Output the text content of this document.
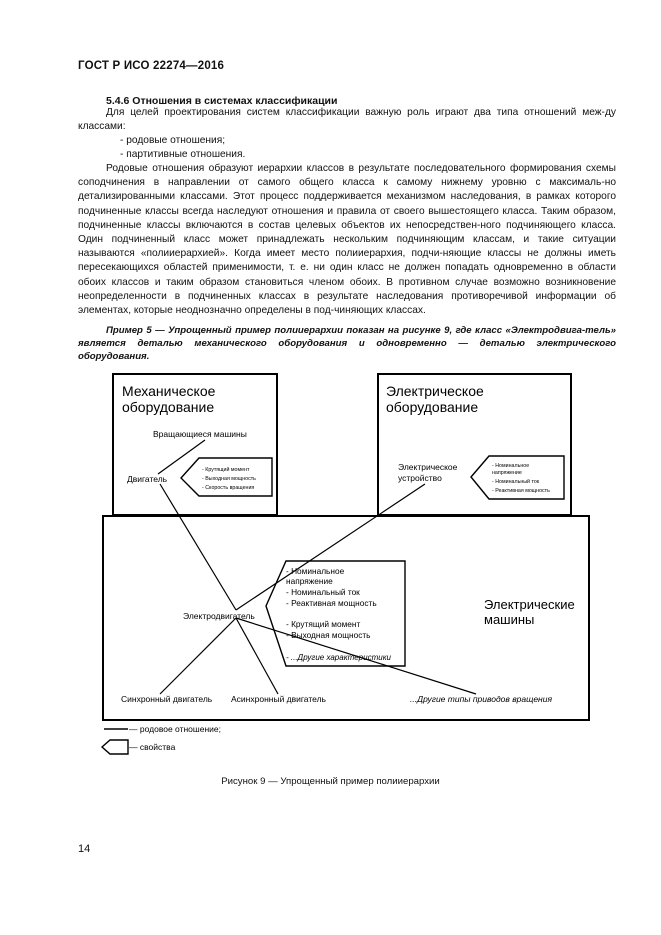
ГОСТ Р ИСО 22274—2016
5.4.6 Отношения в системах классификации

Для целей проектирования систем классификации важную роль играют два типа отношений меж-ду классами:

- родовые отношения;
- партитивные отношения.

Родовые отношения образуют иерархии классов в результате последовательного формирования схемы соподчинения в направлении от самого общего класса к самому нижнему уровню с максималь-но детализированными классами. Этот процесс поддерживается механизмом наследования, в рамках которого подчиненные классы всегда наследуют отношения и правила от своего вышестоящего класса. Таким образом, подчиненные классы включаются в состав целевых объектов их непосредствен-ного подчиняющего класса. Один подчиненный класс может принадлежать нескольким подчиняющим классам, и такие ситуации называются «полииерархией». Когда имеет место полииерархия, подчи-няющие классы не должны иметь пересекающихся областей применимости, т. е. ни один класс не должен попадать одновременно в области обоих классов и таким образом становиться членом обоих. В противном случае возможно возникновение неопределенности в подчиненных классах в результате наследования противоречивой информации об элементах, которые неоднозначно определены в под-чиняющих классах.

Пример 5 — Упрощенный пример полииерархии показан на рисунке 9, где класс «Электродвига-тель» является деталью механического оборудования и одновременно — деталью электрического оборудования.

Механическое
оборудование
Вращающиеся машины
Двигатель
- Крутящий момент
- Выходная мощность
- Скорость вращения
Электрическое
оборудование
Электрическое
устройство
- Номинальное
напряжение
- Номинальный ток
- Реактивная мощность
Электрические
машины
Электродвигатель
- Номинальное
напряжение
- Номинальный ток
- Реактивная мощность
- Крутящий момент
- Выходная мощность
- ...Другие характеристики
Синхронный двигатель Асинхронный двигатель	...Другие типы приводов вращения
— родовое отношение;
— свойства
Рисунок 9 — Упрощенный пример полииерархии
14
